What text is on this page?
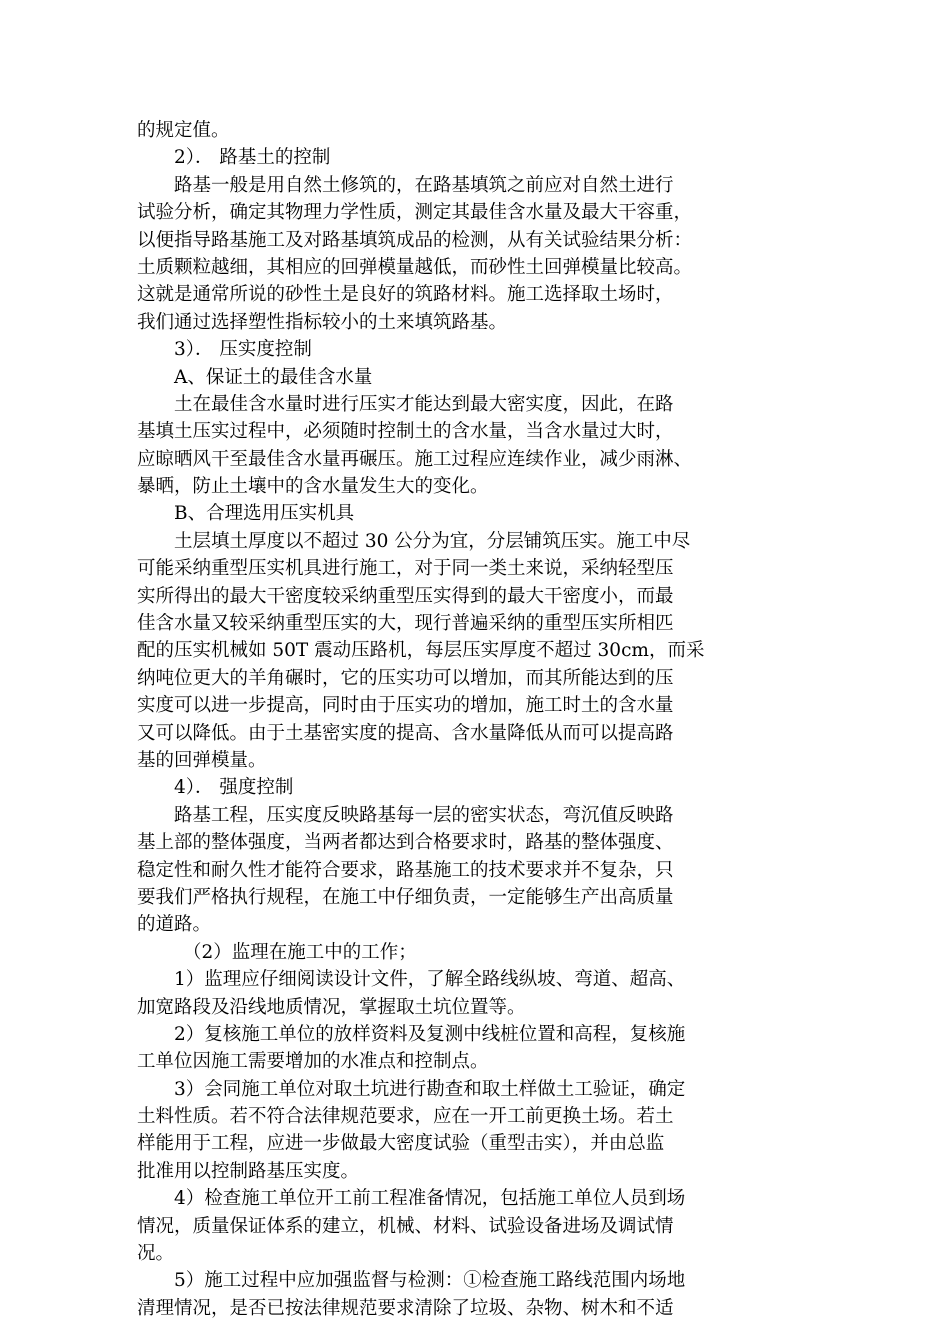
的规定值。
2）． 路基土的控制
路基一般是用自然土修筑的，在路基填筑之前应对自然土进行
试验分析，确定其物理力学性质，测定其最佳含水量及最大干容重，
以便指导路基施工及对路基填筑成品的检测，从有关试验结果分析：
土质颗粒越细，其相应的回弹模量越低，而砂性土回弹模量比较高。
这就是通常所说的砂性土是良好的筑路材料。施工选择取土场时，
我们通过选择塑性指标较小的土来填筑路基。
3）． 压实度控制
A、保证土的最佳含水量
土在最佳含水量时进行压实才能达到最大密实度，因此，在路
基填土压实过程中，必须随时控制土的含水量，当含水量过大时，
应晾晒风干至最佳含水量再碾压。施工过程应连续作业，减少雨淋、
暴晒，防止土壤中的含水量发生大的变化。
B、合理选用压实机具
土层填土厚度以不超过 30 公分为宜，分层铺筑压实。施工中尽
可能采纳重型压实机具进行施工，对于同一类土来说，采纳轻型压
实所得出的最大干密度较采纳重型压实得到的最大干密度小，而最
佳含水量又较采纳重型压实的大，现行普遍采纳的重型压实所相匹
配的压实机械如 50T 震动压路机，每层压实厚度不超过 30cm，而采
纳吨位更大的羊角碾时，它的压实功可以增加，而其所能达到的压
实度可以进一步提高，同时由于压实功的增加，施工时土的含水量
又可以降低。由于土基密实度的提高、含水量降低从而可以提高路
基的回弹模量。
4）． 强度控制
路基工程，压实度反映路基每一层的密实状态，弯沉值反映路
基上部的整体强度，当两者都达到合格要求时，路基的整体强度、
稳定性和耐久性才能符合要求，路基施工的技术要求并不复杂，只
要我们严格执行规程，在施工中仔细负责，一定能够生产出高质量
的道路。
（2）监理在施工中的工作；
1）监理应仔细阅读设计文件，了解全路线纵坡、弯道、超高、
加宽路段及沿线地质情况，掌握取土坑位置等。
2）复核施工单位的放样资料及复测中线桩位置和高程，复核施
工单位因施工需要增加的水准点和控制点。
3）会同施工单位对取土坑进行勘查和取土样做土工验证，确定
土料性质。若不符合法律规范要求，应在一开工前更换土场。若土
样能用于工程，应进一步做最大密度试验（重型击实），并由总监
批准用以控制路基压实度。
4）检查施工单位开工前工程准备情况，包括施工单位人员到场
情况，质量保证体系的建立，机械、材料、试验设备进场及调试情
况。
5）施工过程中应加强监督与检测：①检查施工路线范围内场地
清理情况，是否已按法律规范要求清除了垃圾、杂物、树木和不适
